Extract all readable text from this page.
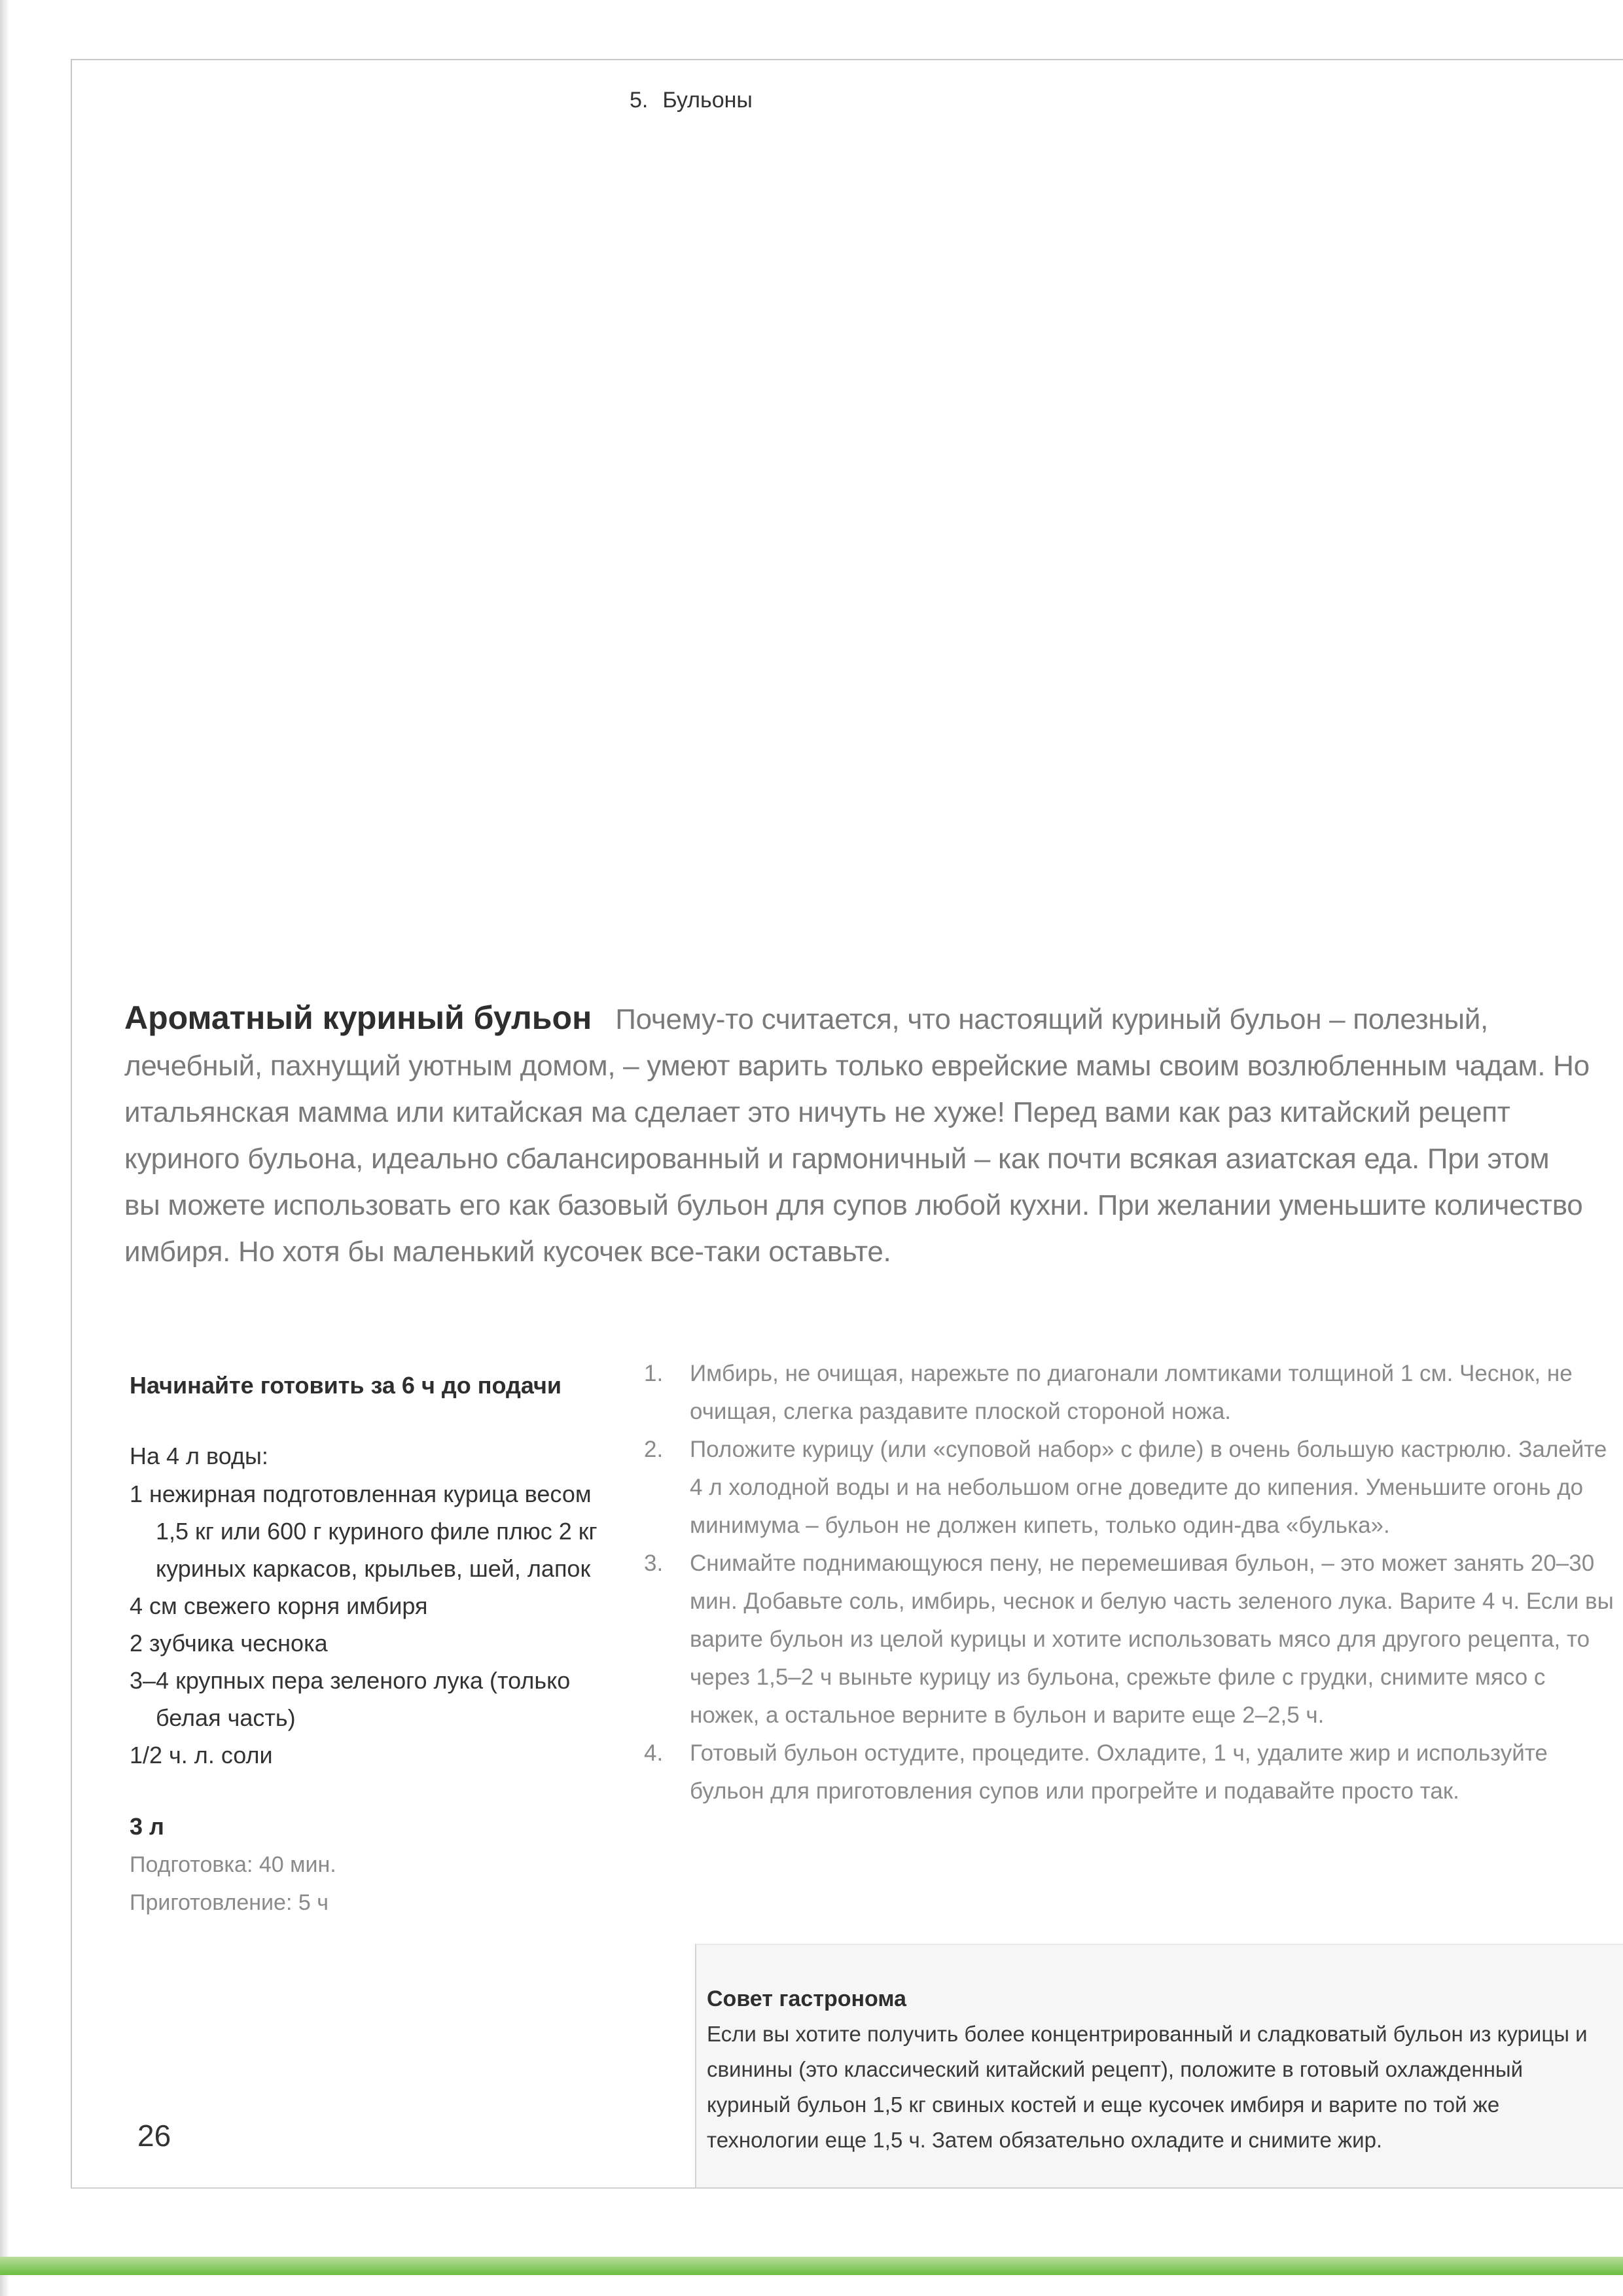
5. Бульоны
Ароматный куриный бульон Почему-то считается, что настоящий куриный бульон – полезный, лечебный, пахнущий уютным домом, – умеют варить только еврейские мамы своим возлюбленным чадам. Но итальянская мамма или китайская ма сделает это ничуть не хуже! Перед вами как раз китайский рецепт куриного бульона, идеально сбалансированный и гармоничный – как почти всякая азиатская еда. При этом вы можете использовать его как базовый бульон для супов любой кухни. При желании уменьшите количество имбиря. Но хотя бы маленький кусочек все-таки оставьте.
Начинайте готовить за 6 ч до подачи
На 4 л воды:
1 нежирная подготовленная курица весом 1,5 кг или 600 г куриного филе плюс 2 кг куриных каркасов, крыльев, шей, лапок
4 см свежего корня имбиря
2 зубчика чеснока
3–4 крупных пера зеленого лука (только белая часть)
1/2 ч. л. соли
3 л
Подготовка: 40 мин.
Приготовление: 5 ч
26
1. Имбирь, не очищая, нарежьте по диагонали ломтиками толщиной 1 см. Чеснок, не очищая, слегка раздавите плоской стороной ножа.
2. Положите курицу (или «суповой набор» с филе) в очень большую кастрюлю. Залейте 4 л холодной воды и на небольшом огне доведите до кипения. Уменьшите огонь до минимума – бульон не должен кипеть, только один-два «булька».
3. Снимайте поднимающуюся пену, не перемешивая бульон, – это может занять 20–30 мин. Добавьте соль, имбирь, чеснок и белую часть зеленого лука. Варите 4 ч. Если вы варите бульон из целой курицы и хотите использовать мясо для другого рецепта, то через 1,5–2 ч выньте курицу из бульона, срежьте филе с грудки, снимите мясо с ножек, а остальное верните в бульон и варите еще 2–2,5 ч.
4. Готовый бульон остудите, процедите. Охладите, 1 ч, удалите жир и используйте бульон для приготовления супов или прогрейте и подавайте просто так.
Совет гастронома
Если вы хотите получить более концентрированный и сладковатый бульон из курицы и свинины (это классический китайский рецепт), положите в готовый охлажденный куриный бульон 1,5 кг свиных костей и еще кусочек имбиря и варите по той же технологии еще 1,5 ч. Затем обязательно охладите и снимите жир.
